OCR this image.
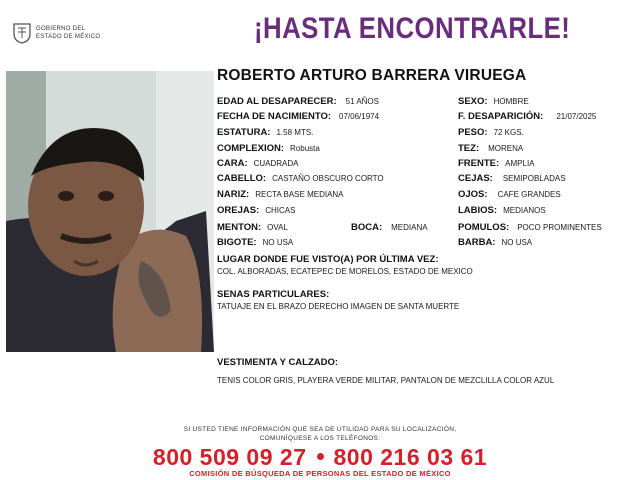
GOBIERNO DEL
ESTADO DE MÉXICO	¡HASTA ENCONTRARLE!
ROBERTO ARTURO BARRERA VIRUEGA
EDAD AL DESAPARECER: 51 AÑOS
FECHA DE NACIMIENTO: 07/06/1974
ESTATURA: 1.58 MTS.
COMPLEXION: Robusta
CARA: CUADRADA
CABELLO: CASTAÑO OBSCURO CORTO
NARIZ: RECTA BASE MEDIANA
OREJAS: CHICAS
MENTON: OVAL
BIGOTE: NO USA
BOCA: MEDIANA
SEXO: HOMBRE
F. DESAPARICIÓN: 21/07/2025
PESO: 72 KGS.
TEZ: MORENA
FRENTE: AMPLIA
CEJAS: SEMIPOBLADAS
OJOS: CAFE GRANDES
LABIOS: MEDIANOS
POMULOS: POCO PROMINENTES
BARBA: NO USA
LUGAR DONDE FUE VISTO(A) POR ÚLTIMA VEZ:
COL. ALBORADAS, ECATEPEC DE MORELOS, ESTADO DE MEXICO
SENAS PARTICULARES:
TATUAJE EN EL BRAZO DERECHO IMAGEN DE SANTA MUERTE
VESTIMENTA Y CALZADO:
TENIS COLOR GRIS, PLAYERA VERDE MILITAR, PANTALON DE MEZCLILLA COLOR AZUL
SI USTED TIENE INFORMACIÓN QUE SEA DE UTILIDAD PARA SU LOCALIZACIÓN,
COMUNÍQUESE A LOS TELÉFONOS:
800 509 09 27 800 216 03 61
COMISIÓN DE BÚSQUEDA DE PERSONAS DEL ESTADO DE MÉXICO
